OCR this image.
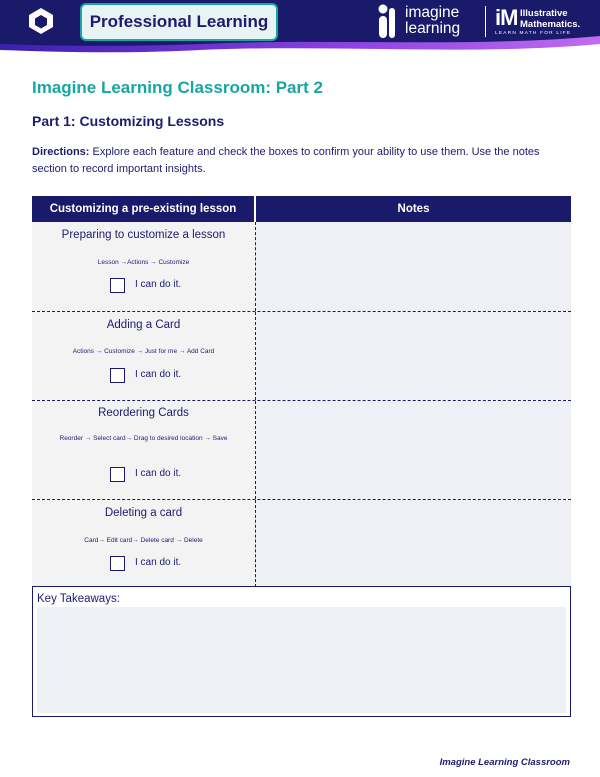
Professional Learning	imagine
learning iM Illustrative
Mathematics.
LEARN MATH FOR LIFE
Imagine Learning Classroom: Part 2
Part 1: Customizing Lessons
Directions: Explore each feature and check the boxes to confirm your ability to use them. Use the notes section to record important insights.
Customizing a pre-existing lesson	Notes
Preparing to customize a lesson
Lesson →Actions → Customize
I can do it.
Adding a Card
Actions → Customize → Just for me → Add Card
I can do it.
Reordering Cards
Reorder → Select card→ Drag to desired location → Save
I can do it.
Deleting a card
Card→ Edit card→ Delete card → Delete
I can do it.
Key Takeaways:
Imagine Learning Classroom
